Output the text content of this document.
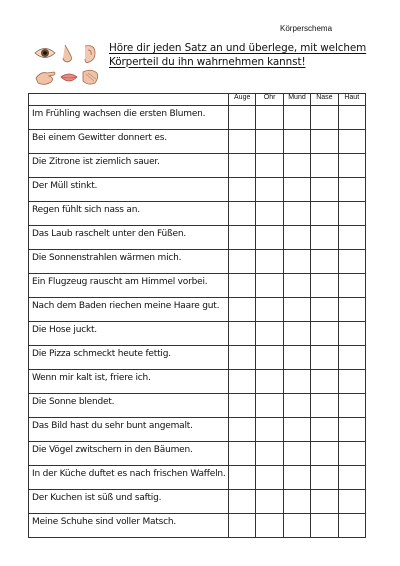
Körperschema
Höre dir jeden Satz an und überlege, mit welchem Körperteil du ihn wahrnehmen kannst!
	Auge	Ohr	Mund	Nase	Haut

Im Frühling wachsen die ersten Blumen.					

Bei einem Gewitter donnert es.					

Die Zitrone ist ziemlich sauer.					

Der Müll stinkt.					

Regen fühlt sich nass an.					

Das Laub raschelt unter den Füßen.					

Die Sonnenstrahlen wärmen mich.					

Ein Flugzeug rauscht am Himmel vorbei.					

Nach dem Baden riechen meine Haare gut.					

Die Hose juckt.					

Die Pizza schmeckt heute fettig.					

Wenn mir kalt ist, friere ich.					

Die Sonne blendet.					

Das Bild hast du sehr bunt angemalt.					

Die Vögel zwitschern in den Bäumen.					

In der Küche duftet es nach frischen Waffeln.					

Der Kuchen ist süß und saftig.					

Meine Schuhe sind voller Matsch.					
